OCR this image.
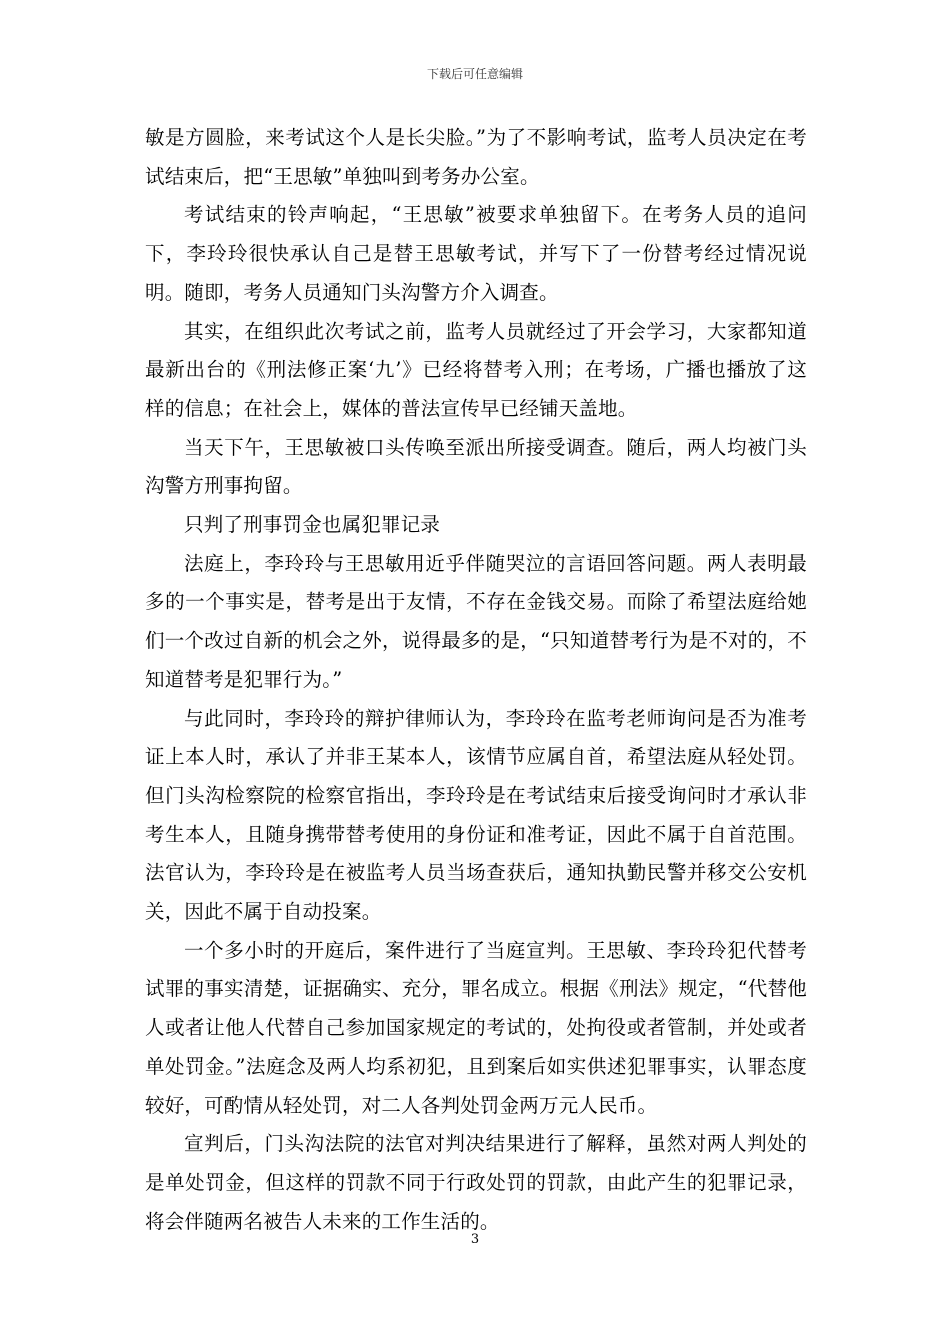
下载后可任意编辑

敏是方圆脸，来考试这个人是长尖脸。”为了不影响考试，监考人员决定在考试结束后，把“王思敏”单独叫到考务办公室。

考试结束的铃声响起，“王思敏”被要求单独留下。在考务人员的追问下，李玲玲很快承认自己是替王思敏考试，并写下了一份替考经过情况说明。随即，考务人员通知门头沟警方介入调查。

其实，在组织此次考试之前，监考人员就经过了开会学习，大家都知道最新出台的《刑法修正案‘九’》已经将替考入刑；在考场，广播也播放了这样的信息；在社会上，媒体的普法宣传早已经铺天盖地。

当天下午，王思敏被口头传唤至派出所接受调查。随后，两人均被门头沟警方刑事拘留。

只判了刑事罚金也属犯罪记录

法庭上，李玲玲与王思敏用近乎伴随哭泣的言语回答问题。两人表明最多的一个事实是，替考是出于友情，不存在金钱交易。而除了希望法庭给她们一个改过自新的机会之外，说得最多的是，“只知道替考行为是不对的，不知道替考是犯罪行为。”

与此同时，李玲玲的辩护律师认为，李玲玲在监考老师询问是否为准考证上本人时，承认了并非王某本人，该情节应属自首，希望法庭从轻处罚。但门头沟检察院的检察官指出，李玲玲是在考试结束后接受询问时才承认非考生本人，且随身携带替考使用的身份证和准考证，因此不属于自首范围。法官认为，李玲玲是在被监考人员当场查获后，通知执勤民警并移交公安机关，因此不属于自动投案。

一个多小时的开庭后，案件进行了当庭宣判。王思敏、李玲玲犯代替考试罪的事实清楚，证据确实、充分，罪名成立。根据《刑法》规定，“代替他人或者让他人代替自己参加国家规定的考试的，处拘役或者管制，并处或者单处罚金。”法庭念及两人均系初犯，且到案后如实供述犯罪事实，认罪态度较好，可酌情从轻处罚，对二人各判处罚金两万元人民币。

宣判后，门头沟法院的法官对判决结果进行了解释，虽然对两人判处的是单处罚金，但这样的罚款不同于行政处罚的罚款，由此产生的犯罪记录，将会伴随两名被告人未来的工作生活的。

3
